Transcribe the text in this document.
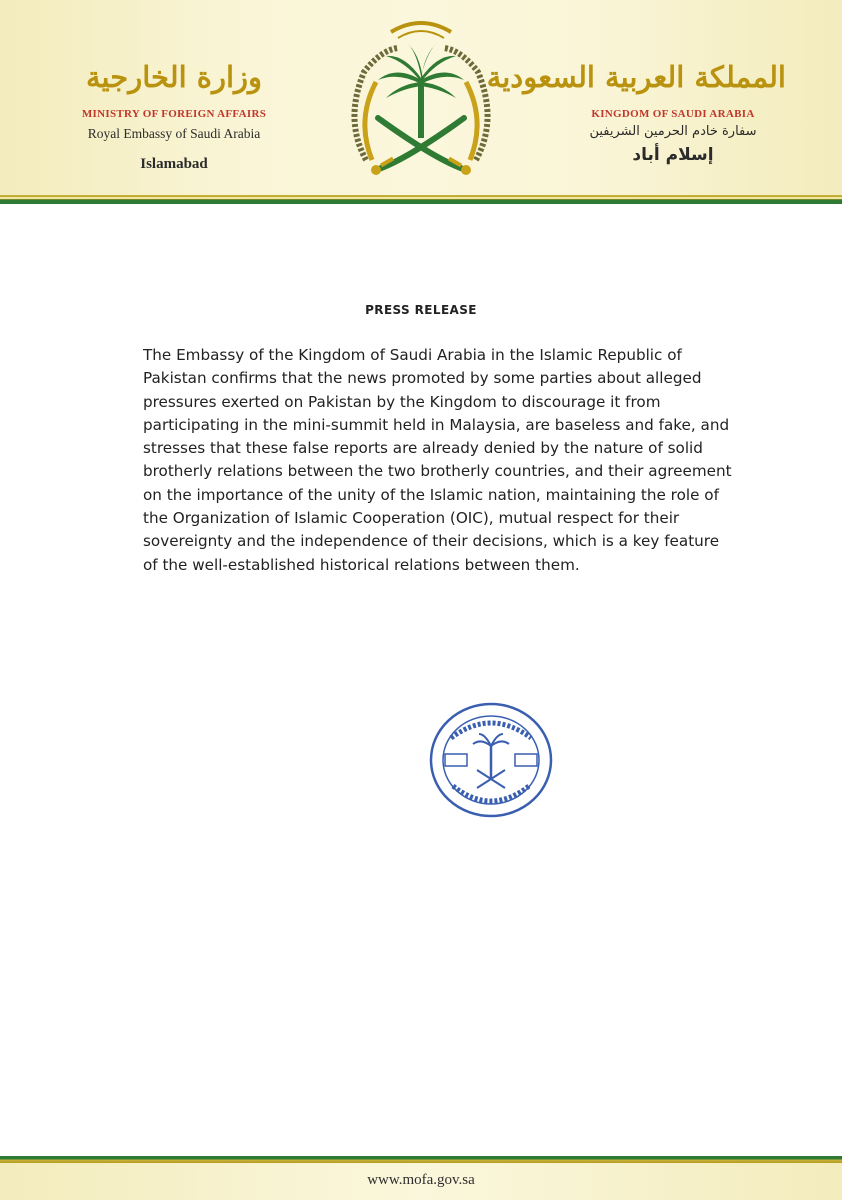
وزارة الخارجية
MINISTRY OF FOREIGN AFFAIRS
Royal Embassy of Saudi Arabia
Islamabad
المملكة العربية السعودية
KINGDOM OF SAUDI ARABIA
سفارة خادم الحرمين الشريفين
إسلام أباد
PRESS RELEASE

The Embassy of the Kingdom of Saudi Arabia in the Islamic Republic of Pakistan confirms that the news promoted by some parties about alleged pressures exerted on Pakistan by the Kingdom to discourage it from participating in the mini-summit held in Malaysia, are baseless and fake, and stresses that these false reports are already denied by the nature of solid brotherly relations between the two brotherly countries, and their agreement on the importance of the unity of the Islamic nation, maintaining the role of the Organization of Islamic Cooperation (OIC), mutual respect for their sovereignty and the independence of their decisions, which is a key feature of the well-established historical relations between them.

www.mofa.gov.sa
